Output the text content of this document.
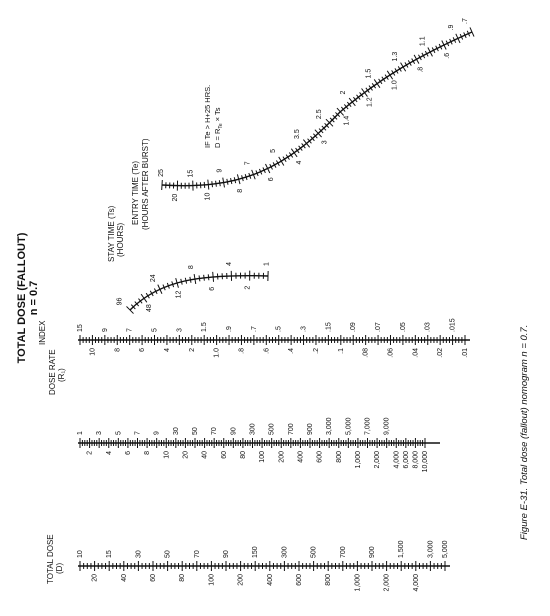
TOTAL DOSE (FALLOUT) n = 0.7
Figure E-31. Total dose (fallout) nomogram n = 0.7.
TOTAL DOSE (D)
10	15	30	50	70	90	150	300	500	700	900	1,500	3,000 5,000
20	40	60	80	100	200	400	600	800	1,000	2,000	4,000
DOSE RATE (R₁)
1 3 5 7 9 30 50 70 90 300 500 700 900 3,000 5,000 7,000 9,000
2 4 6 8 10 20 40 60 80 100 200 400 600 800 1,000 2,000 4,000 6,000 8,000 10,000
INDEX	15	9	7	5	3	1.5	.9	.7	.5	.3	.15	.09	.07	.05	.03	.015
10	8	6	4	2	1.0	.8	.6	.4	.2	.1	.08	.06	.04	.02	.01
STAY TIME (Ts) (HOURS)
96
48
24
12
8
6
4
2
1
ENTRY TIME (Te) (HOURS AFTER BURST) 25
20
15
10
9
8
7
6
5
4
3.5
3
2.5
1.4
2
1.2
1.5
1.0
1.3
.8
1.1
.6
.9
.7
IF Te > H+25 HRS. $D = R_{Te}\times Ts$
